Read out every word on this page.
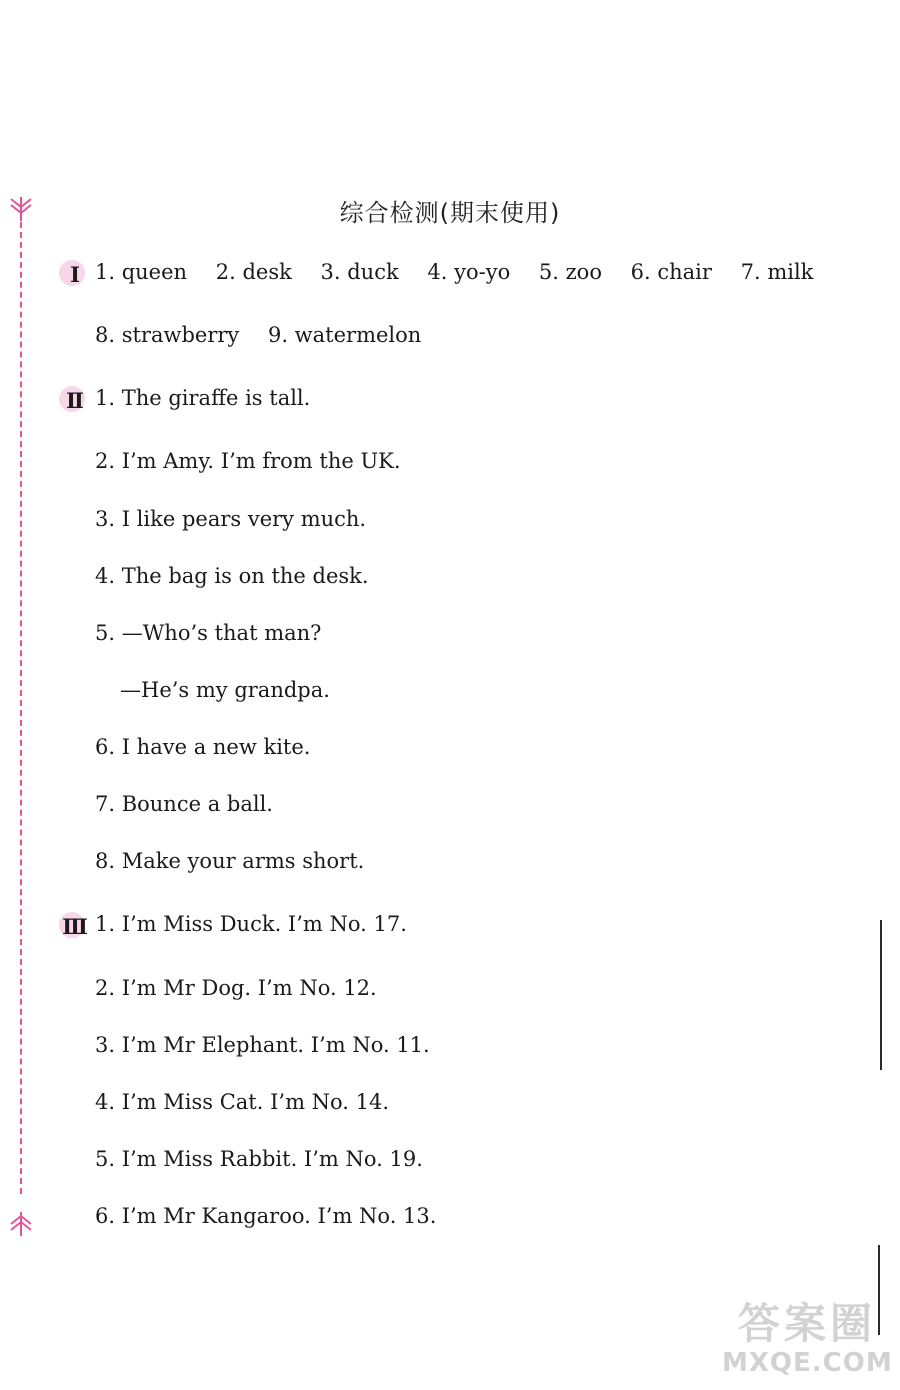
综合检测(期末使用)
Ⅰ 1. queen 2. desk 3. duck 4. yo-yo 5. zoo 6. chair 7. milk
8. strawberry 9. watermelon
Ⅱ 1. The giraffe is tall.
2. I’m Amy. I’m from the UK.
3. I like pears very much.
4. The bag is on the desk.
5. —Who’s that man?
—He’s my grandpa.
6. I have a new kite.
7. Bounce a ball.
8. Make your arms short.
Ⅲ 1. I’m Miss Duck. I’m No. 17.
2. I’m Mr Dog. I’m No. 12.
3. I’m Mr Elephant. I’m No. 11.
4. I’m Miss Cat. I’m No. 14.
5. I’m Miss Rabbit. I’m No. 19.
6. I’m Mr Kangaroo. I’m No. 13.
答案圈
MXQE.COM
